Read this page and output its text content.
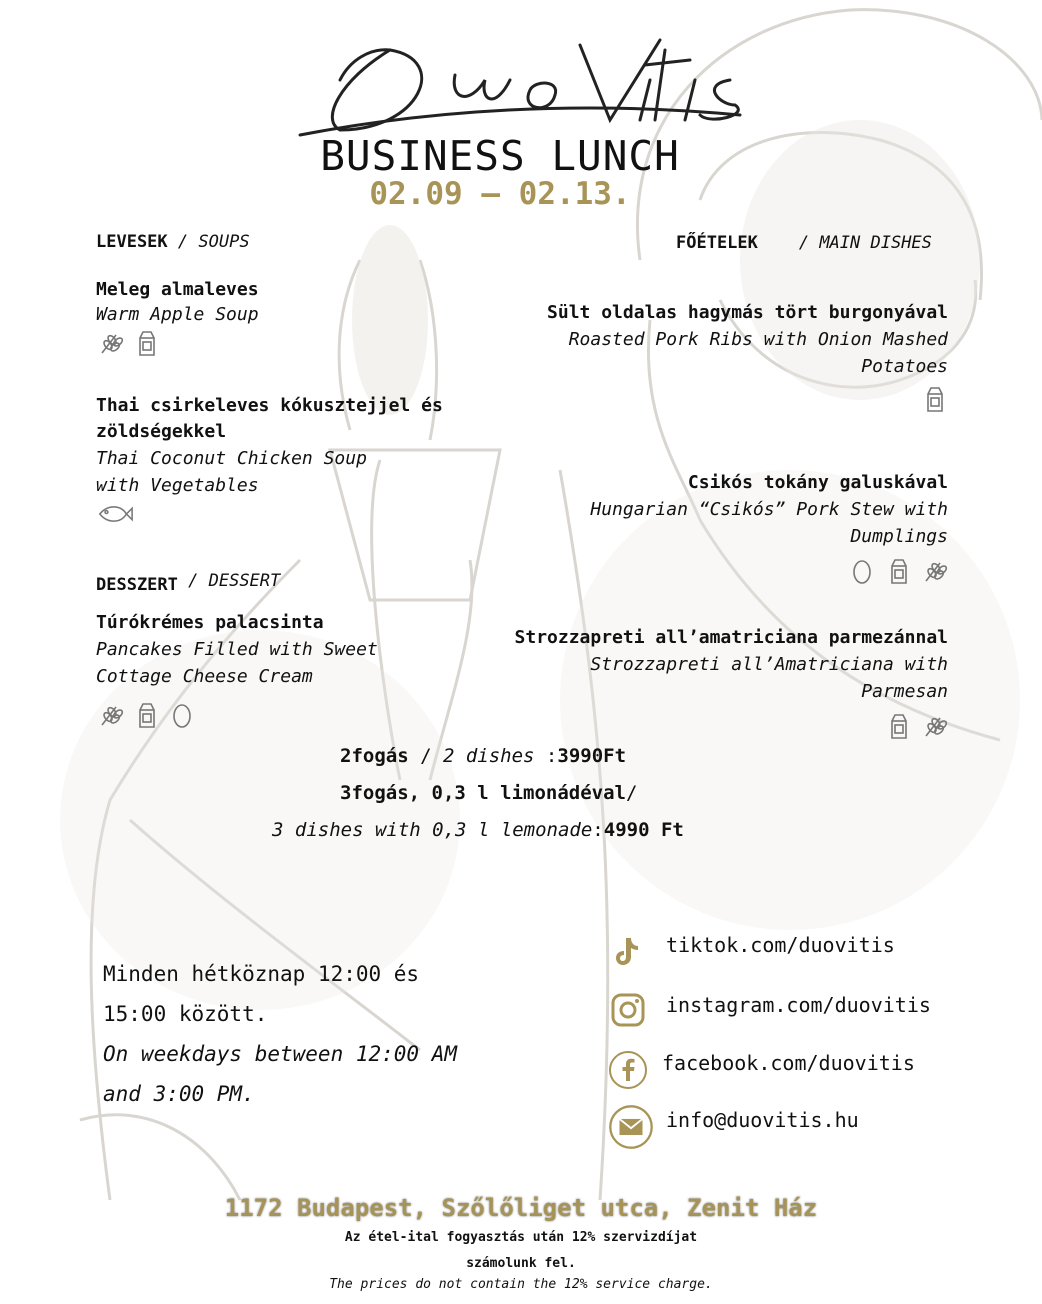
BUSINESS LUNCH
02.09 – 02.13.
LEVESEK / SOUPS
Meleg almaleves
Warm Apple Soup
Thai csirkeleves kókusztejjel és
zöldségekkel
Thai Coconut Chicken Soup
with Vegetables
DESSZERT / DESSERT
Túrókrémes palacsinta
Pancakes Filled with Sweet
Cottage Cheese Cream
FŐÉTELEK / MAIN DISHES
Sült oldalas hagymás tört burgonyával
Roasted Pork Ribs with Onion Mashed
Potatoes
Csikós tokány galuskával
Hungarian “Csikós” Pork Stew with
Dumplings
Strozzapreti all’amatriciana parmezánnal
Strozzapreti all’Amatriciana with
Parmesan
2fogás / 2 dishes :3990Ft
3fogás, 0,3 l limonádéval/
3 dishes with 0,3 l lemonade:4990 Ft
Minden hétköznap 12:00 és
15:00 között.
On weekdays between 12:00 AM
and 3:00 PM.
tiktok.com/duovitis
instagram.com/duovitis
facebook.com/duovitis
info@duovitis.hu
1172 Budapest, Szőlőliget utca, Zenit Ház
Az étel-ital fogyasztás után 12% szervizdíjat
számolunk fel.
The prices do not contain the 12% service charge.
